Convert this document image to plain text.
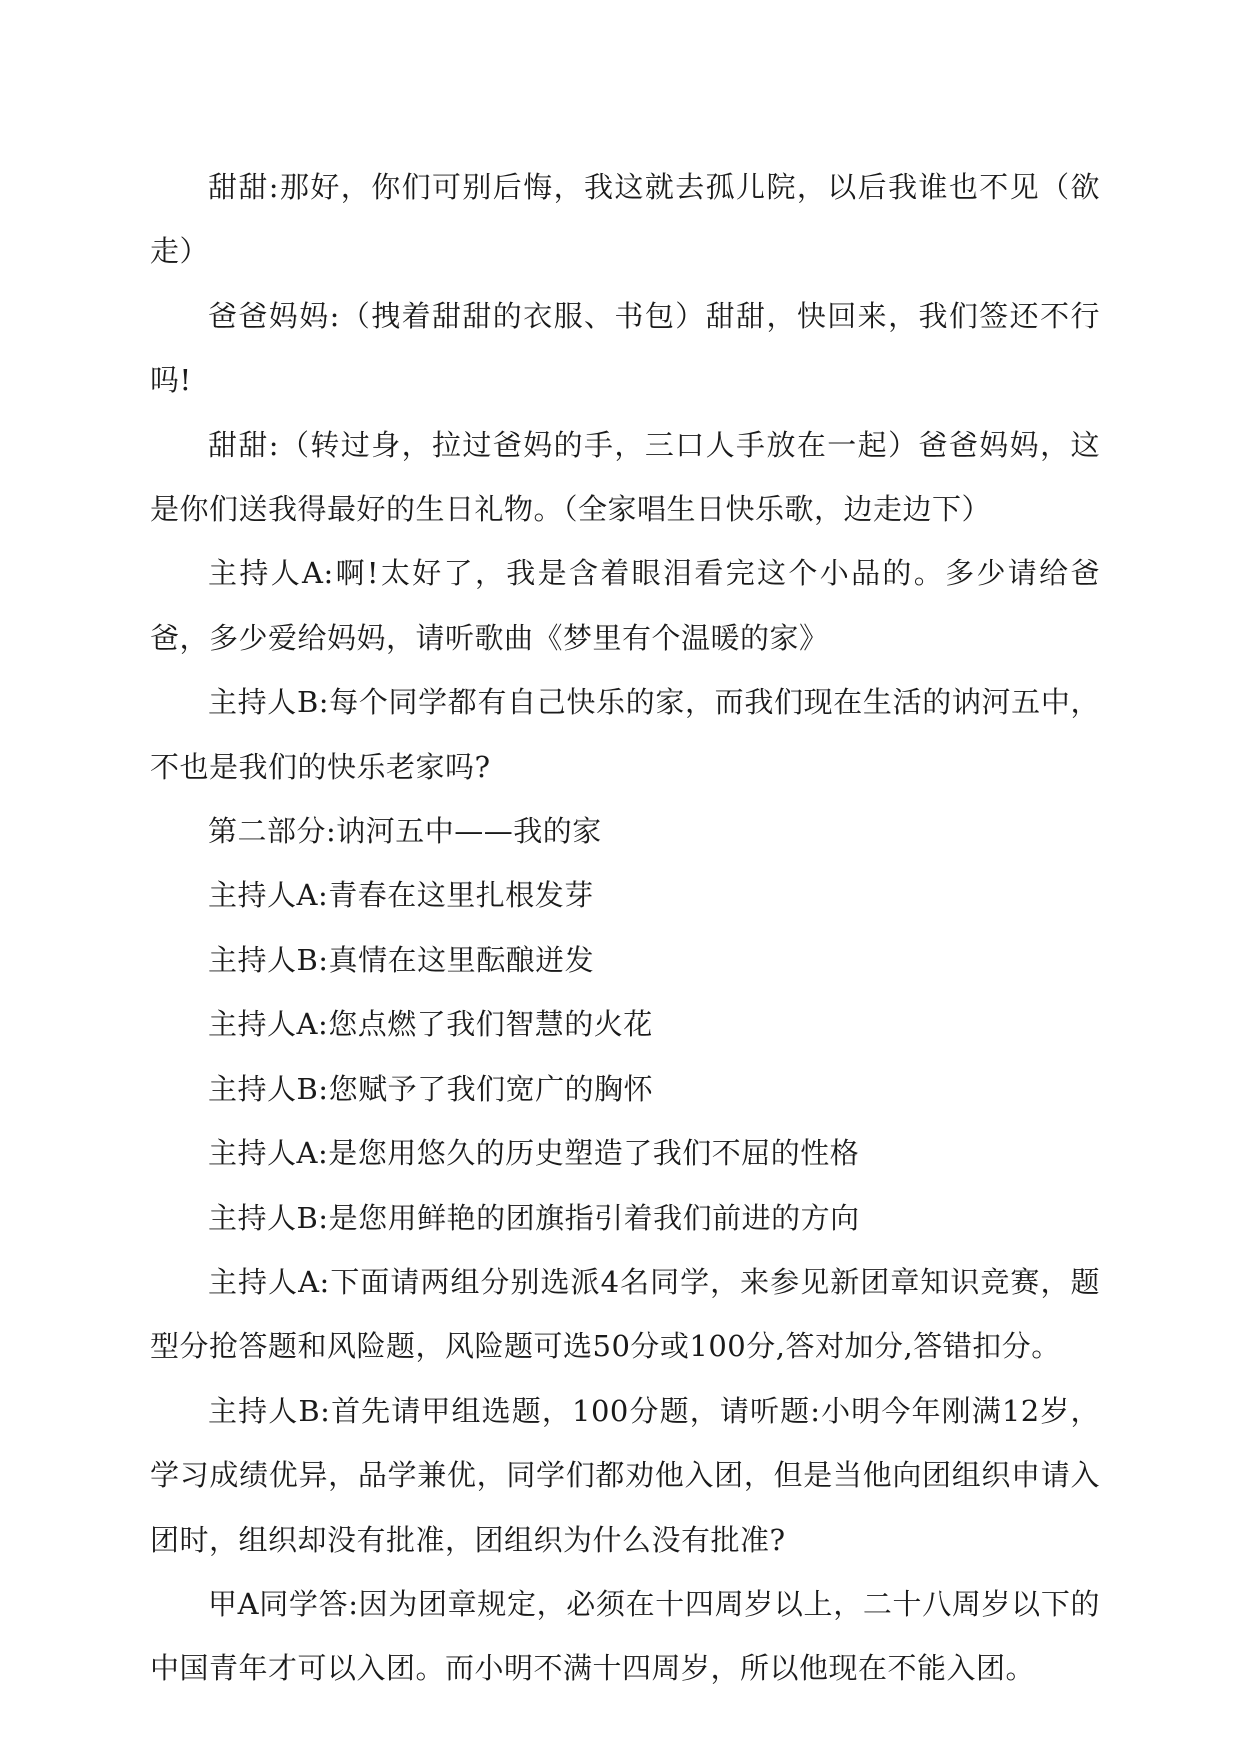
甜甜:那好，你们可别后悔，我这就去孤儿院，以后我谁也不见（欲走）

爸爸妈妈:（拽着甜甜的衣服、书包）甜甜，快回来，我们签还不行吗!

甜甜:（转过身，拉过爸妈的手，三口人手放在一起）爸爸妈妈，这是你们送我得最好的生日礼物。（全家唱生日快乐歌，边走边下）

主持人A:啊!太好了，我是含着眼泪看完这个小品的。多少请给爸爸，多少爱给妈妈，请听歌曲《梦里有个温暖的家》

主持人B:每个同学都有自己快乐的家，而我们现在生活的讷河五中，不也是我们的快乐老家吗?

第二部分:讷河五中——我的家

主持人A:青春在这里扎根发芽

主持人B:真情在这里酝酿迸发

主持人A:您点燃了我们智慧的火花

主持人B:您赋予了我们宽广的胸怀

主持人A:是您用悠久的历史塑造了我们不屈的性格

主持人B:是您用鲜艳的团旗指引着我们前进的方向

主持人A:下面请两组分别选派4名同学，来参见新团章知识竞赛，题型分抢答题和风险题，风险题可选50分或100分,答对加分,答错扣分。

主持人B:首先请甲组选题，100分题，请听题:小明今年刚满12岁，学习成绩优异，品学兼优，同学们都劝他入团，但是当他向团组织申请入团时，组织却没有批准，团组织为什么没有批准?

甲A同学答:因为团章规定，必须在十四周岁以上，二十八周岁以下的中国青年才可以入团。而小明不满十四周岁，所以他现在不能入团。
